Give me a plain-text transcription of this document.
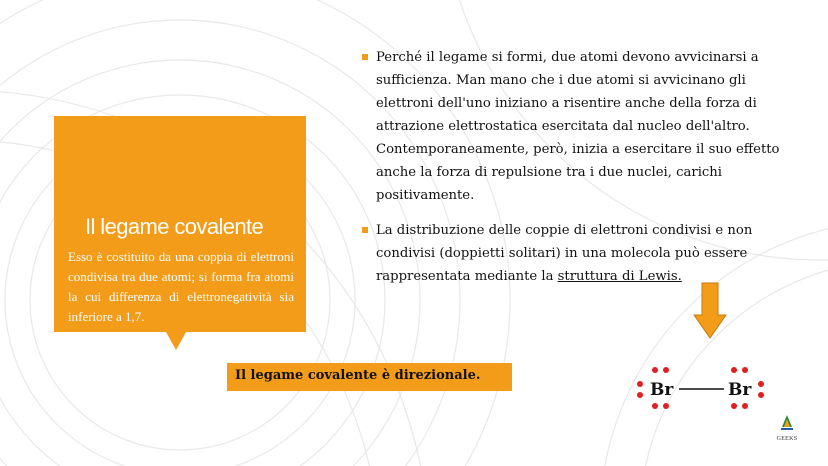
Il legame covalente
Esso è costituito da una coppia di elettroni condivisa tra due atomi; si forma fra atomi la cui differenza di elettronegatività sia inferiore a 1,7.
Perché il legame si formi, due atomi devono avvicinarsi a sufficienza. Man mano che i due atomi si avvicinano gli elettroni dell'uno iniziano a risentire anche della forza di attrazione elettrostatica esercitata dal nucleo dell'altro. Contemporaneamente, però, inizia a esercitare il suo effetto anche la forza di repulsione tra i due nuclei, carichi positivamente.
La distribuzione delle coppie di elettroni condivisi e non condivisi (doppietti solitari) in una molecola può essere rappresentata mediante la struttura di Lewis.
Il legame covalente è direzionale.
Br	Br
GEEKS
